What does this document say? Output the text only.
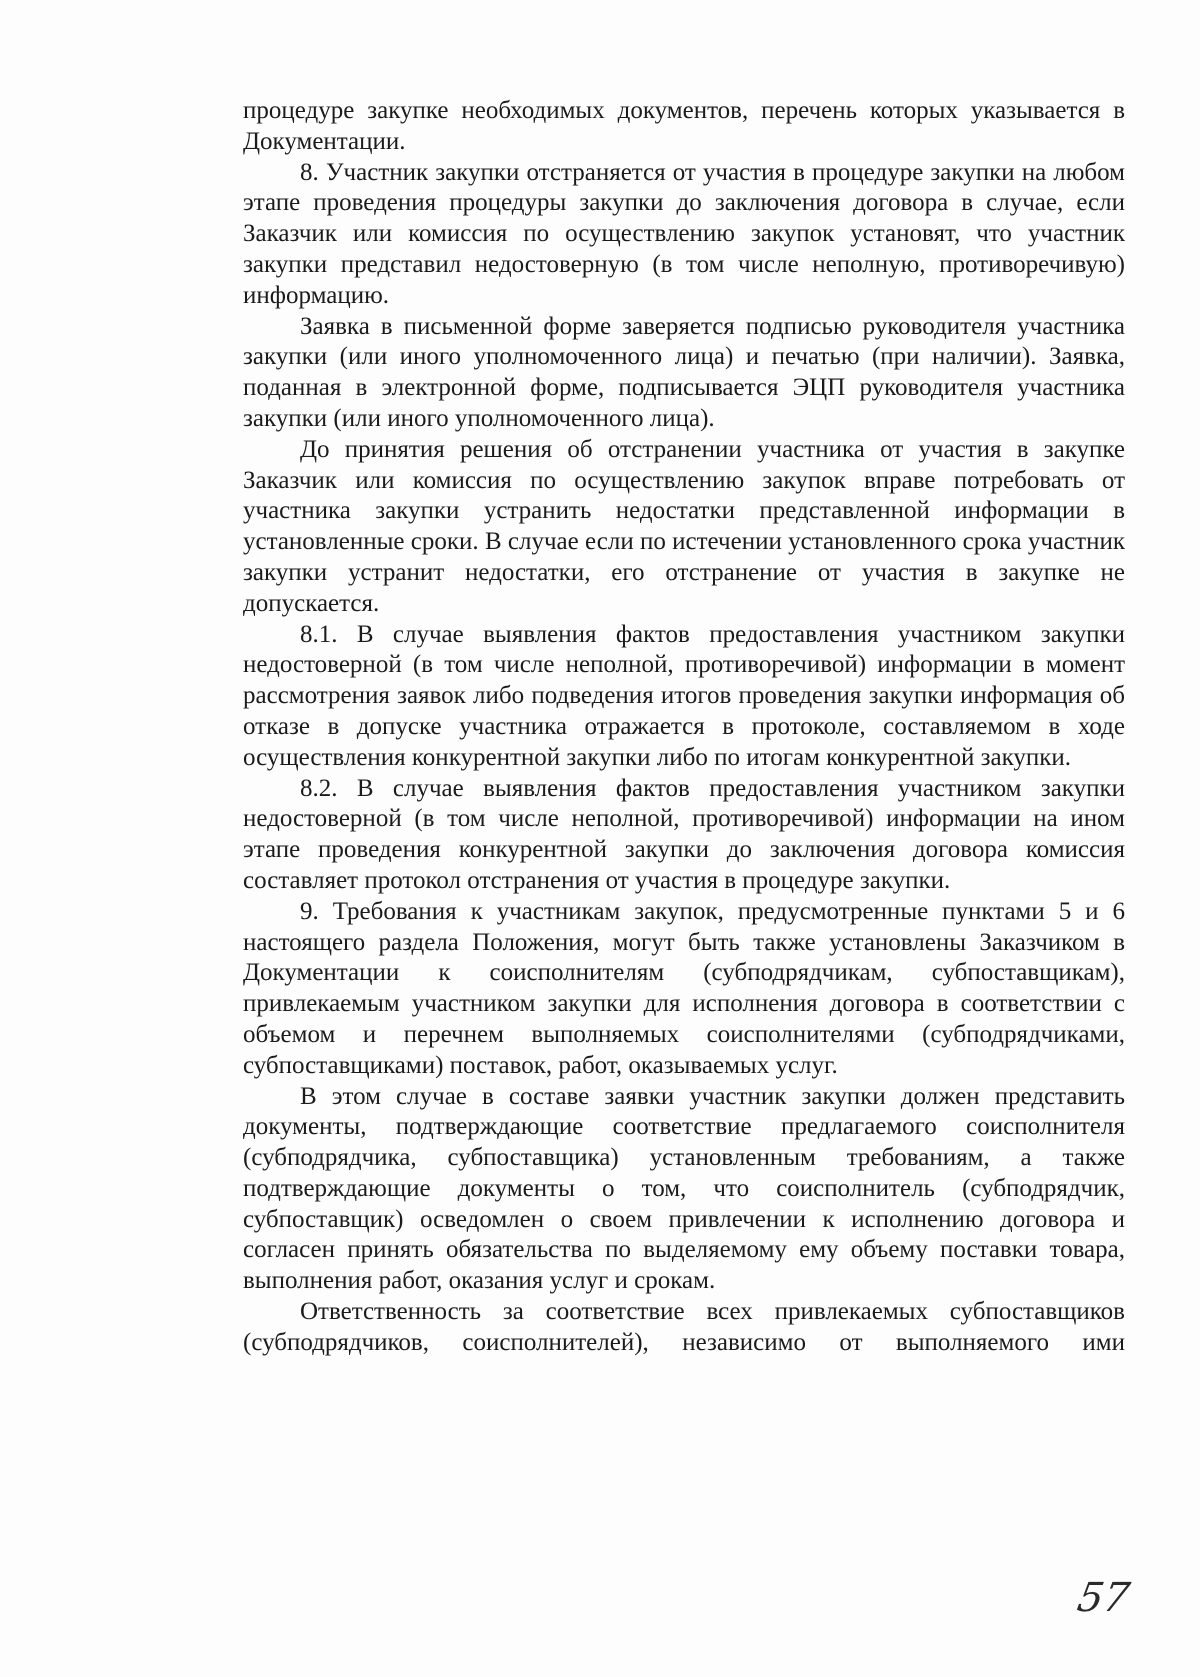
процедуре закупке необходимых документов, перечень которых указывается в Документации.

8. Участник закупки отстраняется от участия в процедуре закупки на любом этапе проведения процедуры закупки до заключения договора в случае, если Заказчик или комиссия по осуществлению закупок установят, что участник закупки представил недостоверную (в том числе неполную, противоречивую) информацию.

Заявка в письменной форме заверяется подписью руководителя участника закупки (или иного уполномоченного лица) и печатью (при наличии). Заявка, поданная в электронной форме, подписывается ЭЦП руководителя участника закупки (или иного уполномоченного лица).

До принятия решения об отстранении участника от участия в закупке Заказчик или комиссия по осуществлению закупок вправе потребовать от участника закупки устранить недостатки представленной информации в установленные сроки. В случае если по истечении установленного срока участник закупки устранит недостатки, его отстранение от участия в закупке не допускается.

8.1. В случае выявления фактов предоставления участником закупки недостоверной (в том числе неполной, противоречивой) информации в момент рассмотрения заявок либо подведения итогов проведения закупки информация об отказе в допуске участника отражается в протоколе, составляемом в ходе осуществления конкурентной закупки либо по итогам конкурентной закупки.

8.2. В случае выявления фактов предоставления участником закупки недостоверной (в том числе неполной, противоречивой) информации на ином этапе проведения конкурентной закупки до заключения договора комиссия составляет протокол отстранения от участия в процедуре закупки.

9. Требования к участникам закупок, предусмотренные пунктами 5 и 6 настоящего раздела Положения, могут быть также установлены Заказчиком в Документации к соисполнителям (субподрядчикам, субпоставщикам), привлекаемым участником закупки для исполнения договора в соответствии с объемом и перечнем выполняемых соисполнителями (субподрядчиками, субпоставщиками) поставок, работ, оказываемых услуг.

В этом случае в составе заявки участник закупки должен представить документы, подтверждающие соответствие предлагаемого соисполнителя (субподрядчика, субпоставщика) установленным требованиям, а также подтверждающие документы о том, что соисполнитель (субподрядчик, субпоставщик) осведомлен о своем привлечении к исполнению договора и согласен принять обязательства по выделяемому ему объему поставки товара, выполнения работ, оказания услуг и срокам.

Ответственность за соответствие всех привлекаемых субпоставщиков (субподрядчиков, соисполнителей), независимо от выполняемого ими

57
